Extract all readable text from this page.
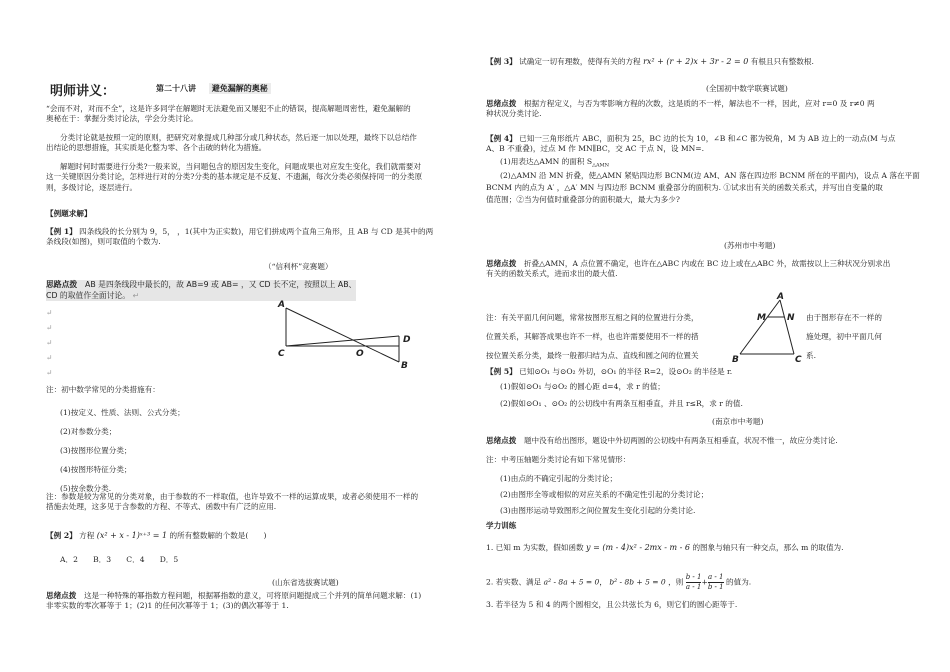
明师讲义：	第二十八讲 避免漏解的奥秘
“会而不对，对而不全”，这是许多同学在解题时无法避免而又屡犯不止的错误，提高解题周密性，避免漏解的
奥秘在于：掌握分类讨论法，学会分类讨论。
分类讨论就是按照一定的原则，把研究对象提成几种部分或几种状态，然后逐一加以处理，最终下以总结作
出结论的思想措施，其实质是化整为零、各个击破的转化为措施。
解题时何时需要进行分类?一般来说，当问题包含的原因发生变化，问题成果也对应发生变化，我们就需要对
这一关键原因分类讨论，怎样进行对的分类?分类的基本规定是不反复、不遗漏，每次分类必须保持同一的分类原
则，多级讨论，逐层进行。
【例题求解】
【例 1】 四条线段的长分别为 9，5， ，1(其中为正实数)，用它们拼成两个直角三角形，且 AB 与 CD 是其中的两
条线段(如图)，则可取值的个数为.
（“信利杯”竞赛题）
思路点拨　 AB 是四条线段中最长的，故 AB=9 或 AB= ，又 CD 长不定，按照以上 AB、
CD 的取值作全面讨论。 ↵
↵
↵
↵
↵
↵
A
C	O
D
B
注：初中数学常见的分类措施有：
(1)按定义、性质、法则、公式分类；
(2)对参数分类；
(3)按图形位置分类；
(4)按图形特征分类；
(5)按余数分类.
注：参数是较为常见的分类对象，由于参数的不一样取值，也许导致不一样的运算成果，或者必须使用不一样的
措施去处理，这多见于含参数的方程、不等式、函数中有广泛的应用.
【例 2】 方程 (x² + x - 1)ˣ⁺³ = 1 的所有整数解的个数是(　　)
A．2　　B．3　　C．4　　D．5
(山东省选拔赛试题)
思绪点拨　 这是一种特殊的幂指数方程问题，根据幂指数的意义，可将原问题提成三个并列的简单问题求解：(1)
非零实数的零次幂等于 1；(2)1 的任何次幂等于 1；(3)的偶次幂等于 1.
【例 3】 试确定一切有理数，使得有关的方程 rx² + (r + 2)x + 3r - 2 = 0 有根且只有整数根.
(全国初中数学联赛试题)
思绪点拨　 根据方程定义，与否为零影响方程的次数，这是质的不一样，解法也不一样，因此，应对 r=0 及 r≠0 两
种状况分类讨论.
【例 4】 已知一三角形纸片 ABC，面积为 25，BC 边的长为 10，∠B 和∠C 都为锐角，M 为 AB 边上的一动点(M 与点
A、B 不重叠)，过点 M 作 MN∥BC，交 AC 于点 N，设 MN=.
(1)用表达△AMN 的面积 $S_{\triangle AMN}$
(2)△AMN 沿 MN 折叠，使△AMN 紧贴四边形 BCNM(边 AM、AN 落在四边形 BCNM 所在的平面内)，设点 A 落在平面
BCNM 内的点为 A′ ，△A′ MN 与四边形 BCNM 重叠部分的面积为. ①试求出有关的函数关系式，并写出自变量的取
值范围；②当为何值时重叠部分的面积最大，最大为多少?
(苏州市中考题)
思绪点拨　 折叠△AMN，A 点位置不确定，也许在△ABC 内或在 BC 边上或在△ABC 外，故需按以上三种状况分别求出
有关的函数关系式，进而求出的最大值.
注：有关平面几何问题，常常按图形互相之间的位置进行分类，
位置关系，其解答成果也许不一样，也也许需要使用不一样的措
按位置关系分类，最终一般都归结为点、直线和圆之间的位置关
由于图形存在不一样的
施处理，初中平面几何
系.
A
M N
B	C
【例 5】 已知⊙O₁ 与⊙O₂ 外切，⊙O₁ 的半径 R=2，设⊙O₂ 的半径是 r.
(1)假如⊙O₁ 与⊙O₂ 的圆心距 d=4，求 r 的值；
(2)假如⊙O₁ 、⊙O₂ 的公切线中有两条互相垂直，并且 r≤R，求 r 的值.
(南京市中考题)
思绪点拨　 题中没有给出图形，题设中外切两圆的公切线中有两条互相垂直，状况不惟一，故应分类讨论.
注：中考压轴题分类讨论有如下常见情形：
(1)由点的不确定引起的分类讨论；
(2)由图形全等或相似的对应关系的不确定性引起的分类讨论；
(3)由图形运动导致图形之间位置发生变化引起的分类讨论.
学力训练
1. 已知 m 为实数，假如函数 y = (m - 4)x² - 2mx - m - 6 的图象与轴只有一种交点，那么 m 的取值为.
2. 若实数、满足 a² - 8a + 5 = 0， b² - 8b + 5 = 0 ，则 $\frac{b - 1}{a - 1} + \frac{a - 1}{b - 1}$ 的值为.
3. 若半径为 5 和 4 的两个圆相交，且公共弦长为 6，则它们的圆心距等于.
